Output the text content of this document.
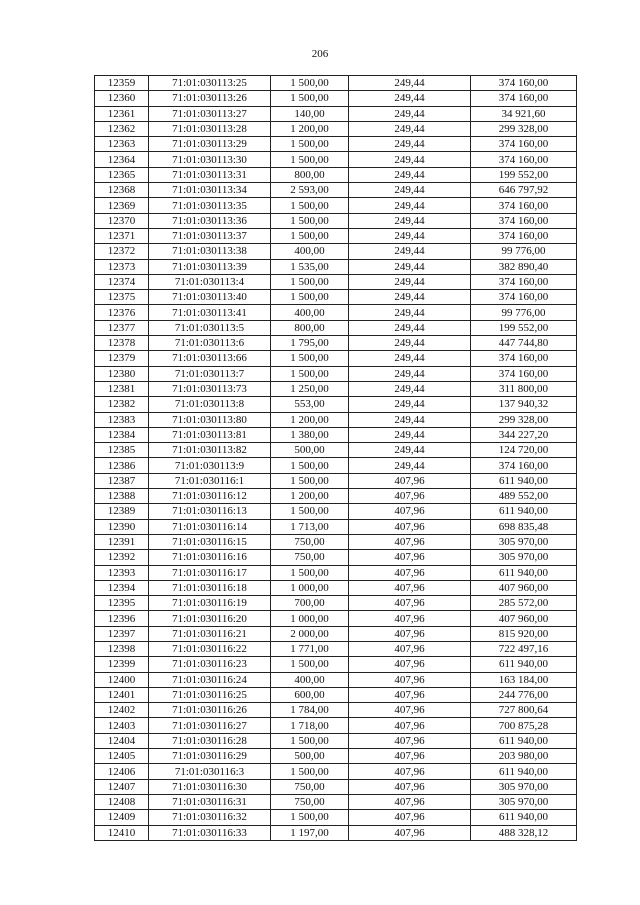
206
12359	71:01:030113:25	1 500,00	249,44	374 160,00
12360	71:01:030113:26	1 500,00	249,44	374 160,00
12361	71:01:030113:27	140,00	249,44	34 921,60
12362	71:01:030113:28	1 200,00	249,44	299 328,00
12363	71:01:030113:29	1 500,00	249,44	374 160,00
12364	71:01:030113:30	1 500,00	249,44	374 160,00
12365	71:01:030113:31	800,00	249,44	199 552,00
12368	71:01:030113:34	2 593,00	249,44	646 797,92
12369	71:01:030113:35	1 500,00	249,44	374 160,00
12370	71:01:030113:36	1 500,00	249,44	374 160,00
12371	71:01:030113:37	1 500,00	249,44	374 160,00
12372	71:01:030113:38	400,00	249,44	99 776,00
12373	71:01:030113:39	1 535,00	249,44	382 890,40
12374	71:01:030113:4	1 500,00	249,44	374 160,00
12375	71:01:030113:40	1 500,00	249,44	374 160,00
12376	71:01:030113:41	400,00	249,44	99 776,00
12377	71:01:030113:5	800,00	249,44	199 552,00
12378	71:01:030113:6	1 795,00	249,44	447 744,80
12379	71:01:030113:66	1 500,00	249,44	374 160,00
12380	71:01:030113:7	1 500,00	249,44	374 160,00
12381	71:01:030113:73	1 250,00	249,44	311 800,00
12382	71:01:030113:8	553,00	249,44	137 940,32
12383	71:01:030113:80	1 200,00	249,44	299 328,00
12384	71:01:030113:81	1 380,00	249,44	344 227,20
12385	71:01:030113:82	500,00	249,44	124 720,00
12386	71:01:030113:9	1 500,00	249,44	374 160,00
12387	71:01:030116:1	1 500,00	407,96	611 940,00
12388	71:01:030116:12	1 200,00	407,96	489 552,00
12389	71:01:030116:13	1 500,00	407,96	611 940,00
12390	71:01:030116:14	1 713,00	407,96	698 835,48
12391	71:01:030116:15	750,00	407,96	305 970,00
12392	71:01:030116:16	750,00	407,96	305 970,00
12393	71:01:030116:17	1 500,00	407,96	611 940,00
12394	71:01:030116:18	1 000,00	407,96	407 960,00
12395	71:01:030116:19	700,00	407,96	285 572,00
12396	71:01:030116:20	1 000,00	407,96	407 960,00
12397	71:01:030116:21	2 000,00	407,96	815 920,00
12398	71:01:030116:22	1 771,00	407,96	722 497,16
12399	71:01:030116:23	1 500,00	407,96	611 940,00
12400	71:01:030116:24	400,00	407,96	163 184,00
12401	71:01:030116:25	600,00	407,96	244 776,00
12402	71:01:030116:26	1 784,00	407,96	727 800,64
12403	71:01:030116:27	1 718,00	407,96	700 875,28
12404	71:01:030116:28	1 500,00	407,96	611 940,00
12405	71:01:030116:29	500,00	407,96	203 980,00
12406	71:01:030116:3	1 500,00	407,96	611 940,00
12407	71:01:030116:30	750,00	407,96	305 970,00
12408	71:01:030116:31	750,00	407,96	305 970,00
12409	71:01:030116:32	1 500,00	407,96	611 940,00
12410	71:01:030116:33	1 197,00	407,96	488 328,12
